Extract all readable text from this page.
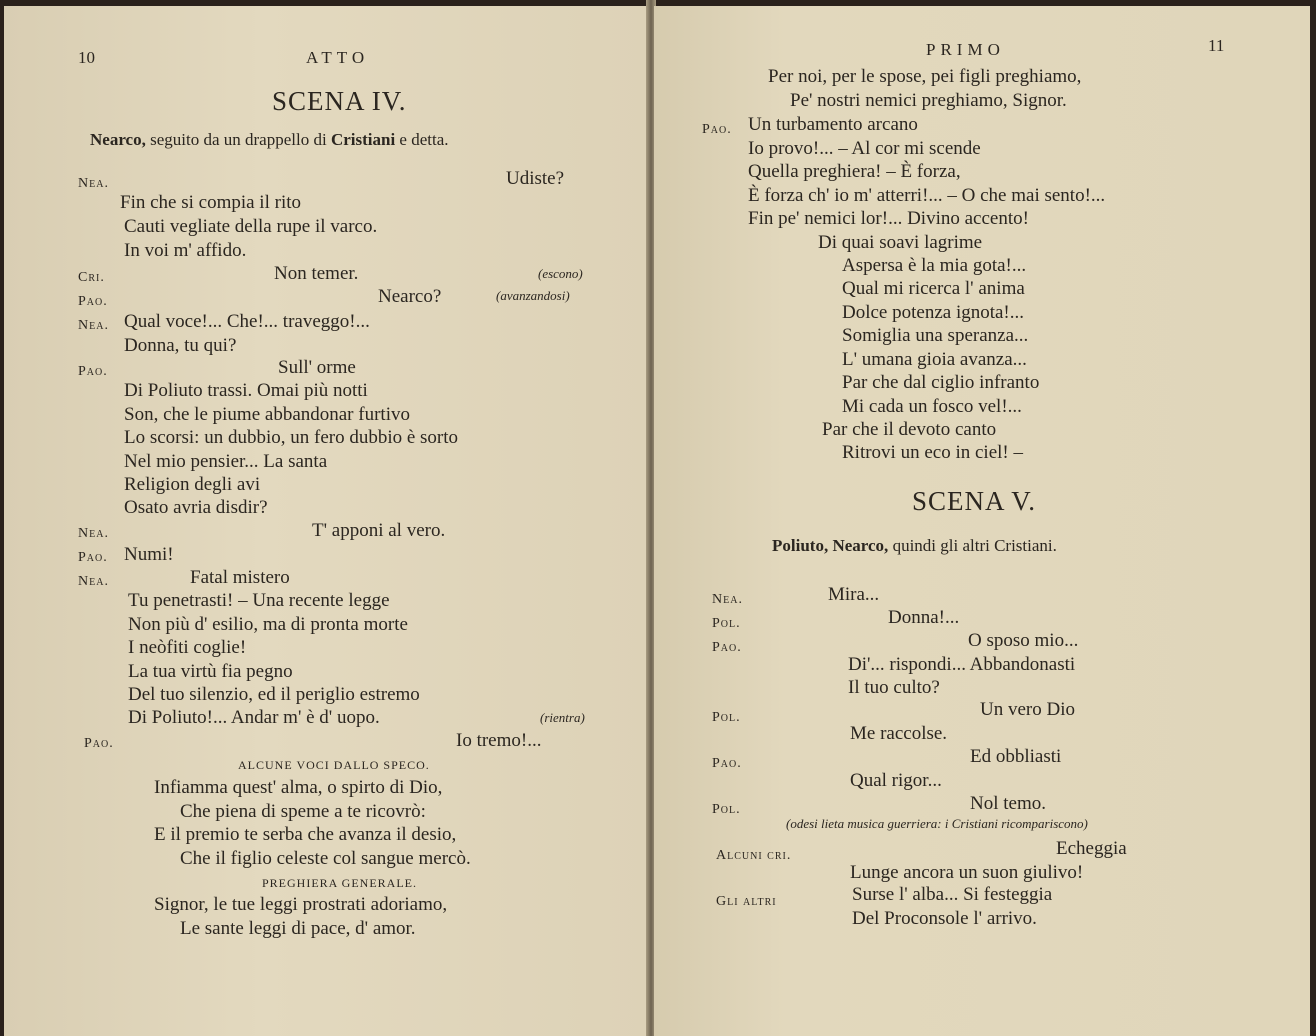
10	ATTO
SCENA IV.
Nearco, seguito da un drappello di Cristiani e detta.
Nea.	Udiste?
Fin che si compia il rito
Cauti vegliate della rupe il varco.
In voi m' affido.
Cri.	Non temer.	(escono)
Pao.	Nearco?	(avanzandosi)
Nea. Qual voce!... Che!... traveggo!...
Donna, tu qui?
Pao.	Sull' orme
Di Poliuto trassi. Omai più notti
Son, che le piume abbandonar furtivo
Lo scorsi: un dubbio, un fero dubbio è sorto
Nel mio pensier... La santa
Religion degli avi
Osato avria disdir?
Nea.	T' apponi al vero.
Pao. Numi!
Nea.	Fatal mistero
Tu penetrasti! – Una recente legge
Non più d' esilio, ma di pronta morte
I neòfiti coglie!
La tua virtù fia pegno
Del tuo silenzio, ed il periglio estremo
Di Poliuto!... Andar m' è d' uopo.	(rientra)
Pao.	Io tremo!...
ALCUNE VOCI DALLO SPECO.
Infiamma quest' alma, o spirto di Dio,
Che piena di speme a te ricovrò:
E il premio te serba che avanza il desio,
Che il figlio celeste col sangue mercò.
PREGHIERA GENERALE.
Signor, le tue leggi prostrati adoriamo,
Le sante leggi di pace, d' amor.
PRIMO	11
Per noi, per le spose, pei figli preghiamo,
Pe' nostri nemici preghiamo, Signor.
Pao. Un turbamento arcano
Io provo!... – Al cor mi scende
Quella preghiera! – È forza,
È forza ch' io m' atterri!... – O che mai sento!...
Fin pe' nemici lor!... Divino accento!
Di quai soavi lagrime
Aspersa è la mia gota!...
Qual mi ricerca l' anima
Dolce potenza ignota!...
Somiglia una speranza...
L' umana gioia avanza...
Par che dal ciglio infranto
Mi cada un fosco vel!...
Par che il devoto canto
Ritrovi un eco in ciel! –
SCENA V.
Poliuto, Nearco, quindi gli altri Cristiani.
Nea.	Mira...
Pol.	Donna!...
Pao.	O sposo mio...
Di'... rispondi... Abbandonasti
Il tuo culto?
Pol.	Un vero Dio
Me raccolse.
Pao.	Ed obbliasti
Qual rigor...
Pol.	Nol temo.
(odesi lieta musica guerriera: i Cristiani ricompariscono)
Alcuni cri.	Echeggia
Lunge ancora un suon giulivo!
Gli altri	Surse l' alba... Si festeggia
Del Proconsole l' arrivo.
